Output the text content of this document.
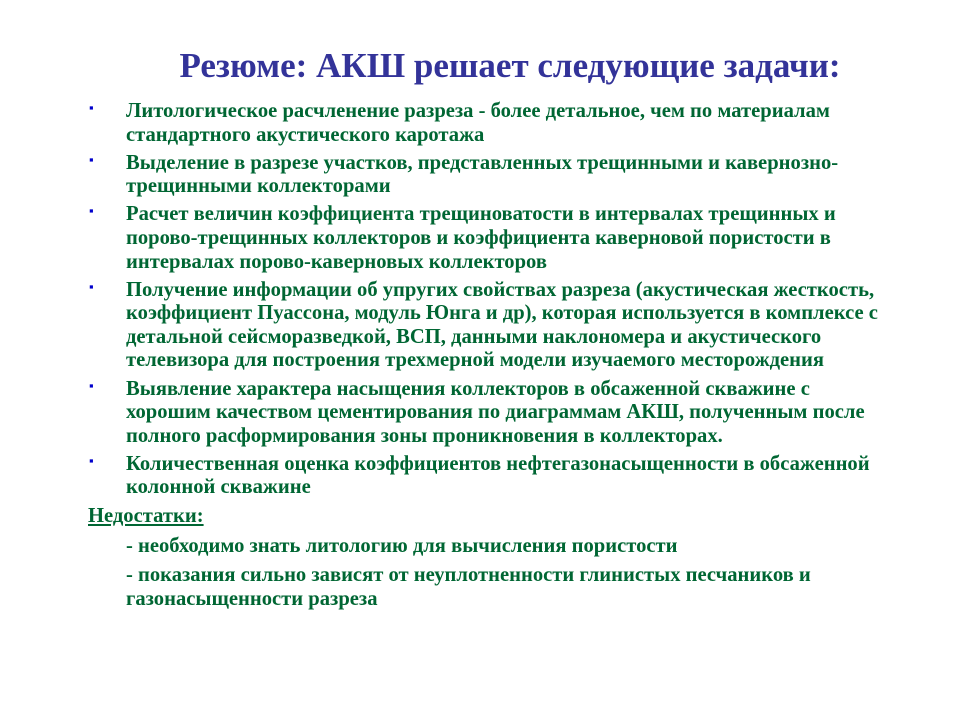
Резюме: АКШ решает следующие задачи:
▪ Литологическое расчленение разреза - более детальное, чем по материалам стандартного акустического каротажа
▪ Выделение в разрезе участков, представленных трещинными и кавернозно-трещинными коллекторами
▪ Расчет величин коэффициента трещиноватости в интервалах трещинных и порово-трещинных коллекторов и коэффициента каверновой пористости в интервалах порово-каверновых коллекторов
▪ Получение информации об упругих свойствах разреза (акустическая жесткость, коэффициент Пуассона, модуль Юнга и др), которая используется в комплексе с детальной сейсморазведкой, ВСП, данными наклономера и акустического телевизора для построения трехмерной модели изучаемого месторождения
▪ Выявление характера насыщения коллекторов в обсаженной скважине с хорошим качеством цементирования по диаграммам АКШ, полученным после полного расформирования зоны проникновения в коллекторах.
▪ Количественная оценка коэффициентов нефтегазонасыщенности в обсаженной колонной скважине
Недостатки:
- необходимо знать литологию для вычисления пористости
- показания сильно зависят от неуплотненности глинистых песчаников и газонасыщенности разреза
